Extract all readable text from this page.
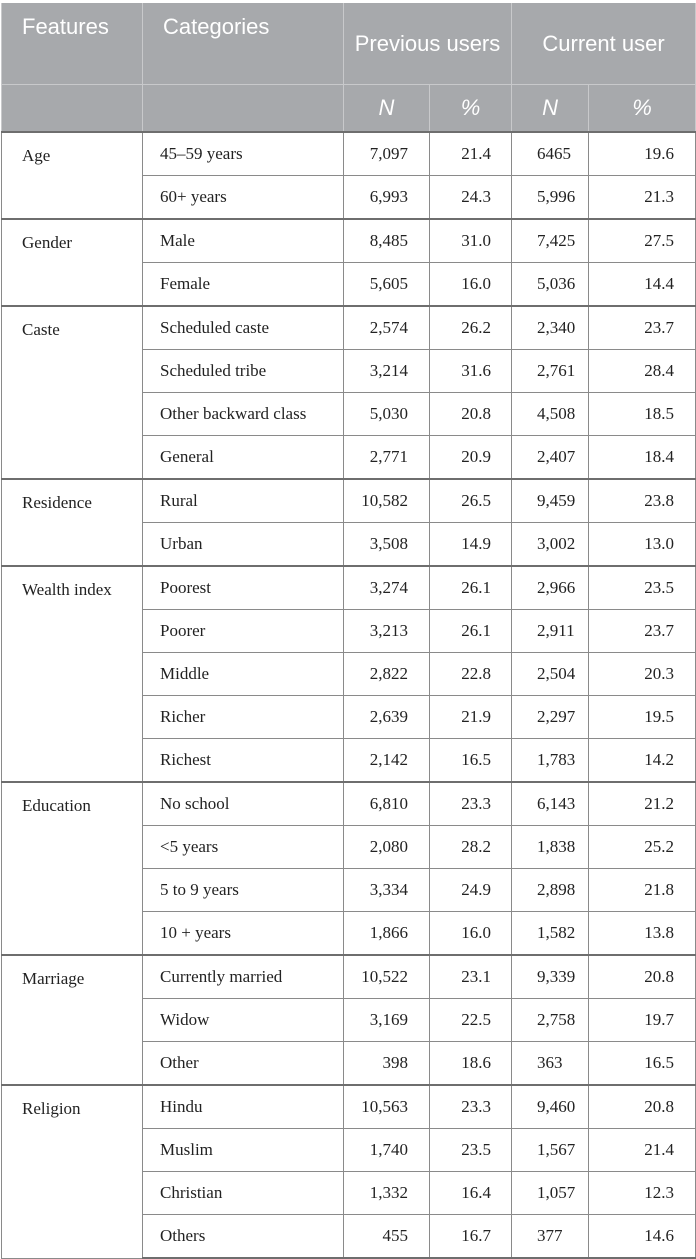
Features	Categories	Previous users		Current user	
		N	%	N	%
Age	45–59 years	7,097	21.4	6465	19.6
	60+ years	6,993	24.3	5,996	21.3
Gender	Male	8,485	31.0	7,425	27.5
	Female	5,605	16.0	5,036	14.4
Caste	Scheduled caste	2,574	26.2	2,340	23.7
	Scheduled tribe	3,214	31.6	2,761	28.4
	Other backward class	5,030	20.8	4,508	18.5
	General	2,771	20.9	2,407	18.4
Residence	Rural	10,582	26.5	9,459	23.8
	Urban	3,508	14.9	3,002	13.0
Wealth index	Poorest	3,274	26.1	2,966	23.5
	Poorer	3,213	26.1	2,911	23.7
	Middle	2,822	22.8	2,504	20.3
	Richer	2,639	21.9	2,297	19.5
	Richest	2,142	16.5	1,783	14.2
Education	No school	6,810	23.3	6,143	21.2
	<5 years	2,080	28.2	1,838	25.2
	5 to 9 years	3,334	24.9	2,898	21.8
	10 + years	1,866	16.0	1,582	13.8
Marriage	Currently married	10,522	23.1	9,339	20.8
	Widow	3,169	22.5	2,758	19.7
	Other	398	18.6	363	16.5
Religion	Hindu	10,563	23.3	9,460	20.8
	Muslim	1,740	23.5	1,567	21.4
	Christian	1,332	16.4	1,057	12.3
	Others	455	16.7	377	14.6
